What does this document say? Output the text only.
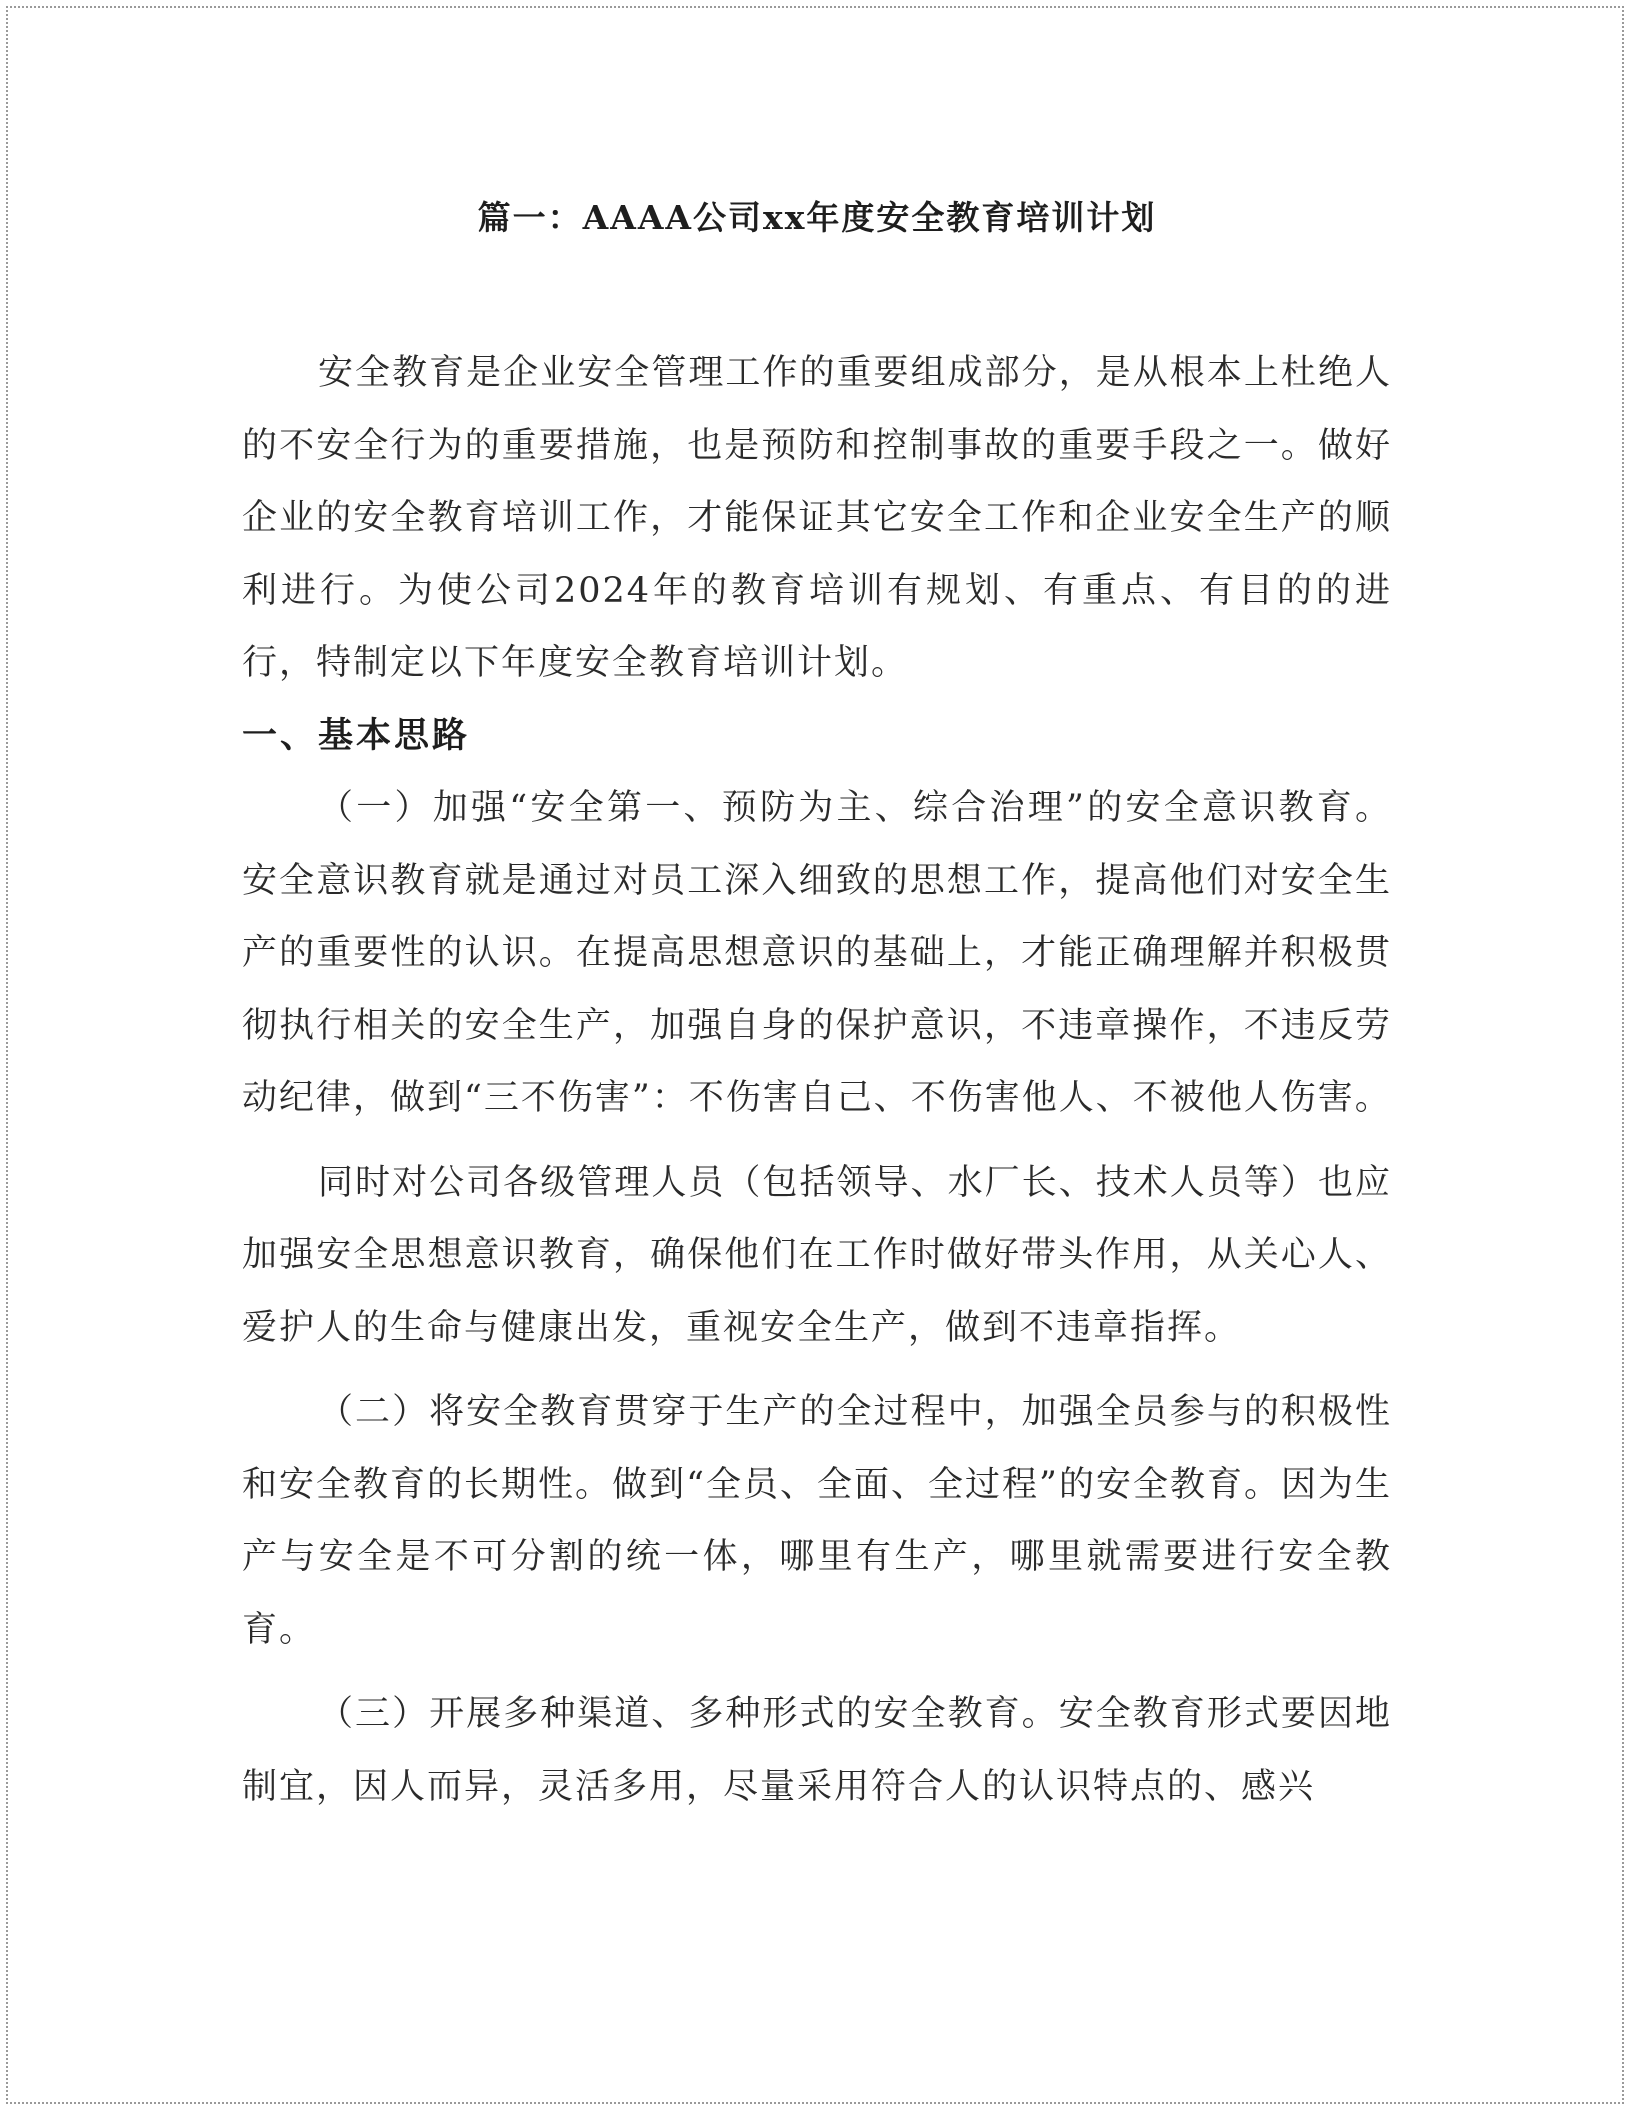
篇一：AAAA公司xx年度安全教育培训计划

安全教育是企业安全管理工作的重要组成部分，是从根本上杜绝人的不安全行为的重要措施，也是预防和控制事故的重要手段之一。做好企业的安全教育培训工作，才能保证其它安全工作和企业安全生产的顺利进行。为使公司2024年的教育培训有规划、有重点、有目的的进行，特制定以下年度安全教育培训计划。

一、基本思路

（一）加强“安全第一、预防为主、综合治理”的安全意识教育。安全意识教育就是通过对员工深入细致的思想工作，提高他们对安全生产的重要性的认识。在提高思想意识的基础上，才能正确理解并积极贯彻执行相关的安全生产，加强自身的保护意识，不违章操作，不违反劳动纪律，做到“三不伤害”：不伤害自己、不伤害他人、不被他人伤害。

同时对公司各级管理人员（包括领导、水厂长、技术人员等）也应加强安全思想意识教育，确保他们在工作时做好带头作用，从关心人、爱护人的生命与健康出发，重视安全生产，做到不违章指挥。

（二）将安全教育贯穿于生产的全过程中，加强全员参与的积极性和安全教育的长期性。做到“全员、全面、全过程”的安全教育。因为生产与安全是不可分割的统一体，哪里有生产，哪里就需要进行安全教育。

（三）开展多种渠道、多种形式的安全教育。安全教育形式要因地制宜，因人而异，灵活多用，尽量采用符合人的认识特点的、感兴
